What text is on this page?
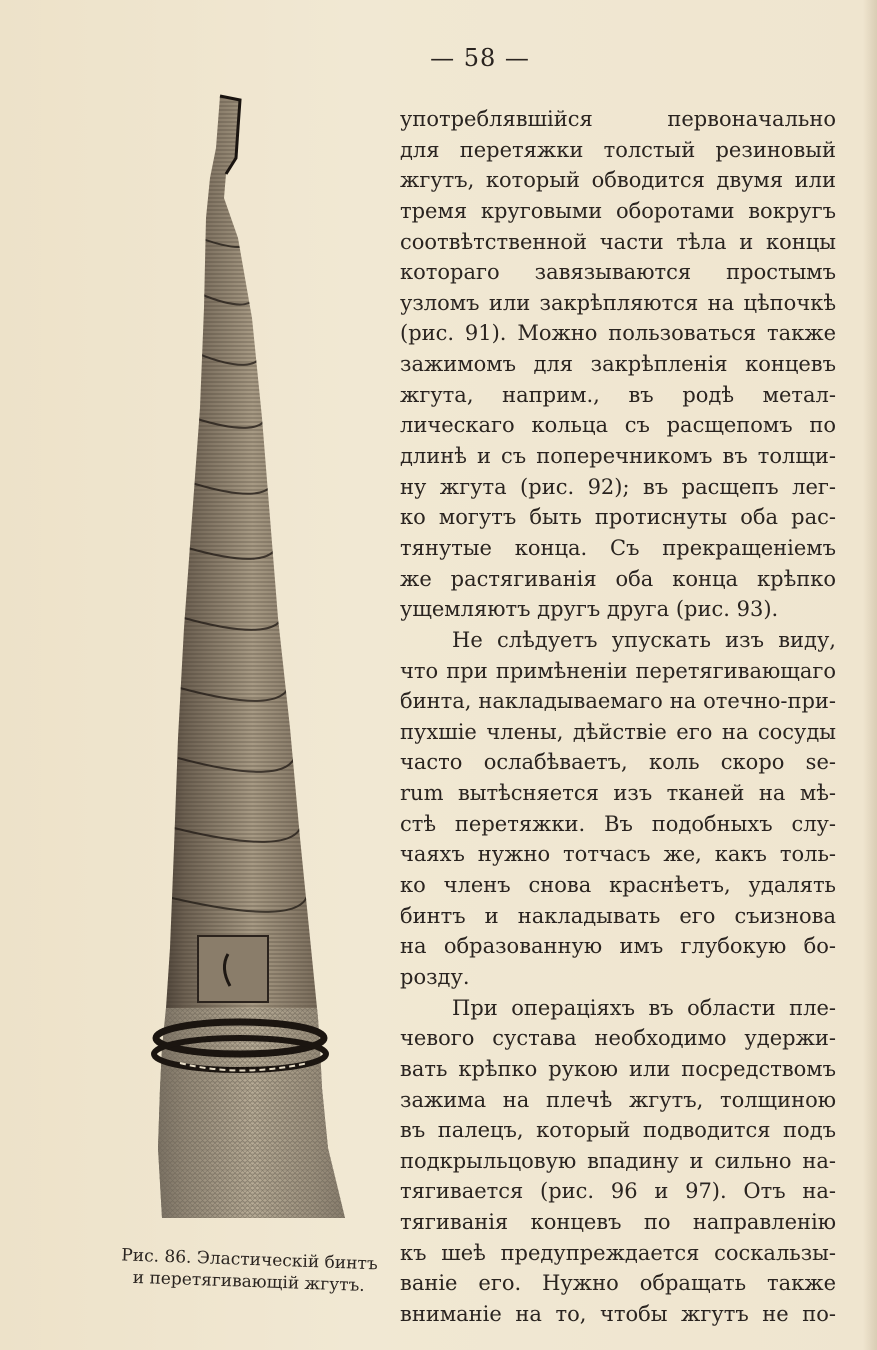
— 58 —
Рис. 86. Эластическій бинтъ
и перетягивающій жгутъ.
употреблявшійся первоначально
для перетяжки толстый резиновый
жгутъ, который обводится двумя или
тремя круговыми оборотами вокругъ
соотвѣтственной части тѣла и концы
котораго завязываются простымъ
узломъ или закрѣпляются на цѣпочкѣ
(рис. 91). Можно пользоваться также
зажимомъ для закрѣпленія концевъ
жгута, наприм., въ родѣ метал-
лическаго кольца съ расщепомъ по
длинѣ и съ поперечникомъ въ толщи-
ну жгута (рис. 92); въ расщепъ лег-
ко могутъ быть протиснуты оба рас-
тянутые конца. Съ прекращеніемъ
же растягиванія оба конца крѣпко
ущемляютъ другъ друга (рис. 93).
Не слѣдуетъ упускать изъ виду,
что при примѣненіи перетягивающаго
бинта, накладываемаго на отечно-при-
пухшіе члены, дѣйствіе его на сосуды
часто ослабѣваетъ, коль скоро se-
rum вытѣсняется изъ тканей на мѣ-
стѣ перетяжки. Въ подобныхъ слу-
чаяхъ нужно тотчасъ же, какъ толь-
ко членъ снова краснѣетъ, удалять
бинтъ и накладывать его съизнова
на образованную имъ глубокую бо-
розду.
При операціяхъ въ области пле-
чевого сустава необходимо удержи-
вать крѣпко рукою или посредствомъ
зажима на плечѣ жгутъ, толщиною
въ палецъ, который подводится подъ
подкрыльцовую впадину и сильно на-
тягивается (рис. 96 и 97). Отъ на-
тягиванія концевъ по направленію
къ шеѣ предупреждается соскальзы-
ваніе его. Нужно обращать также
вниманіе на то, чтобы жгутъ не по-
